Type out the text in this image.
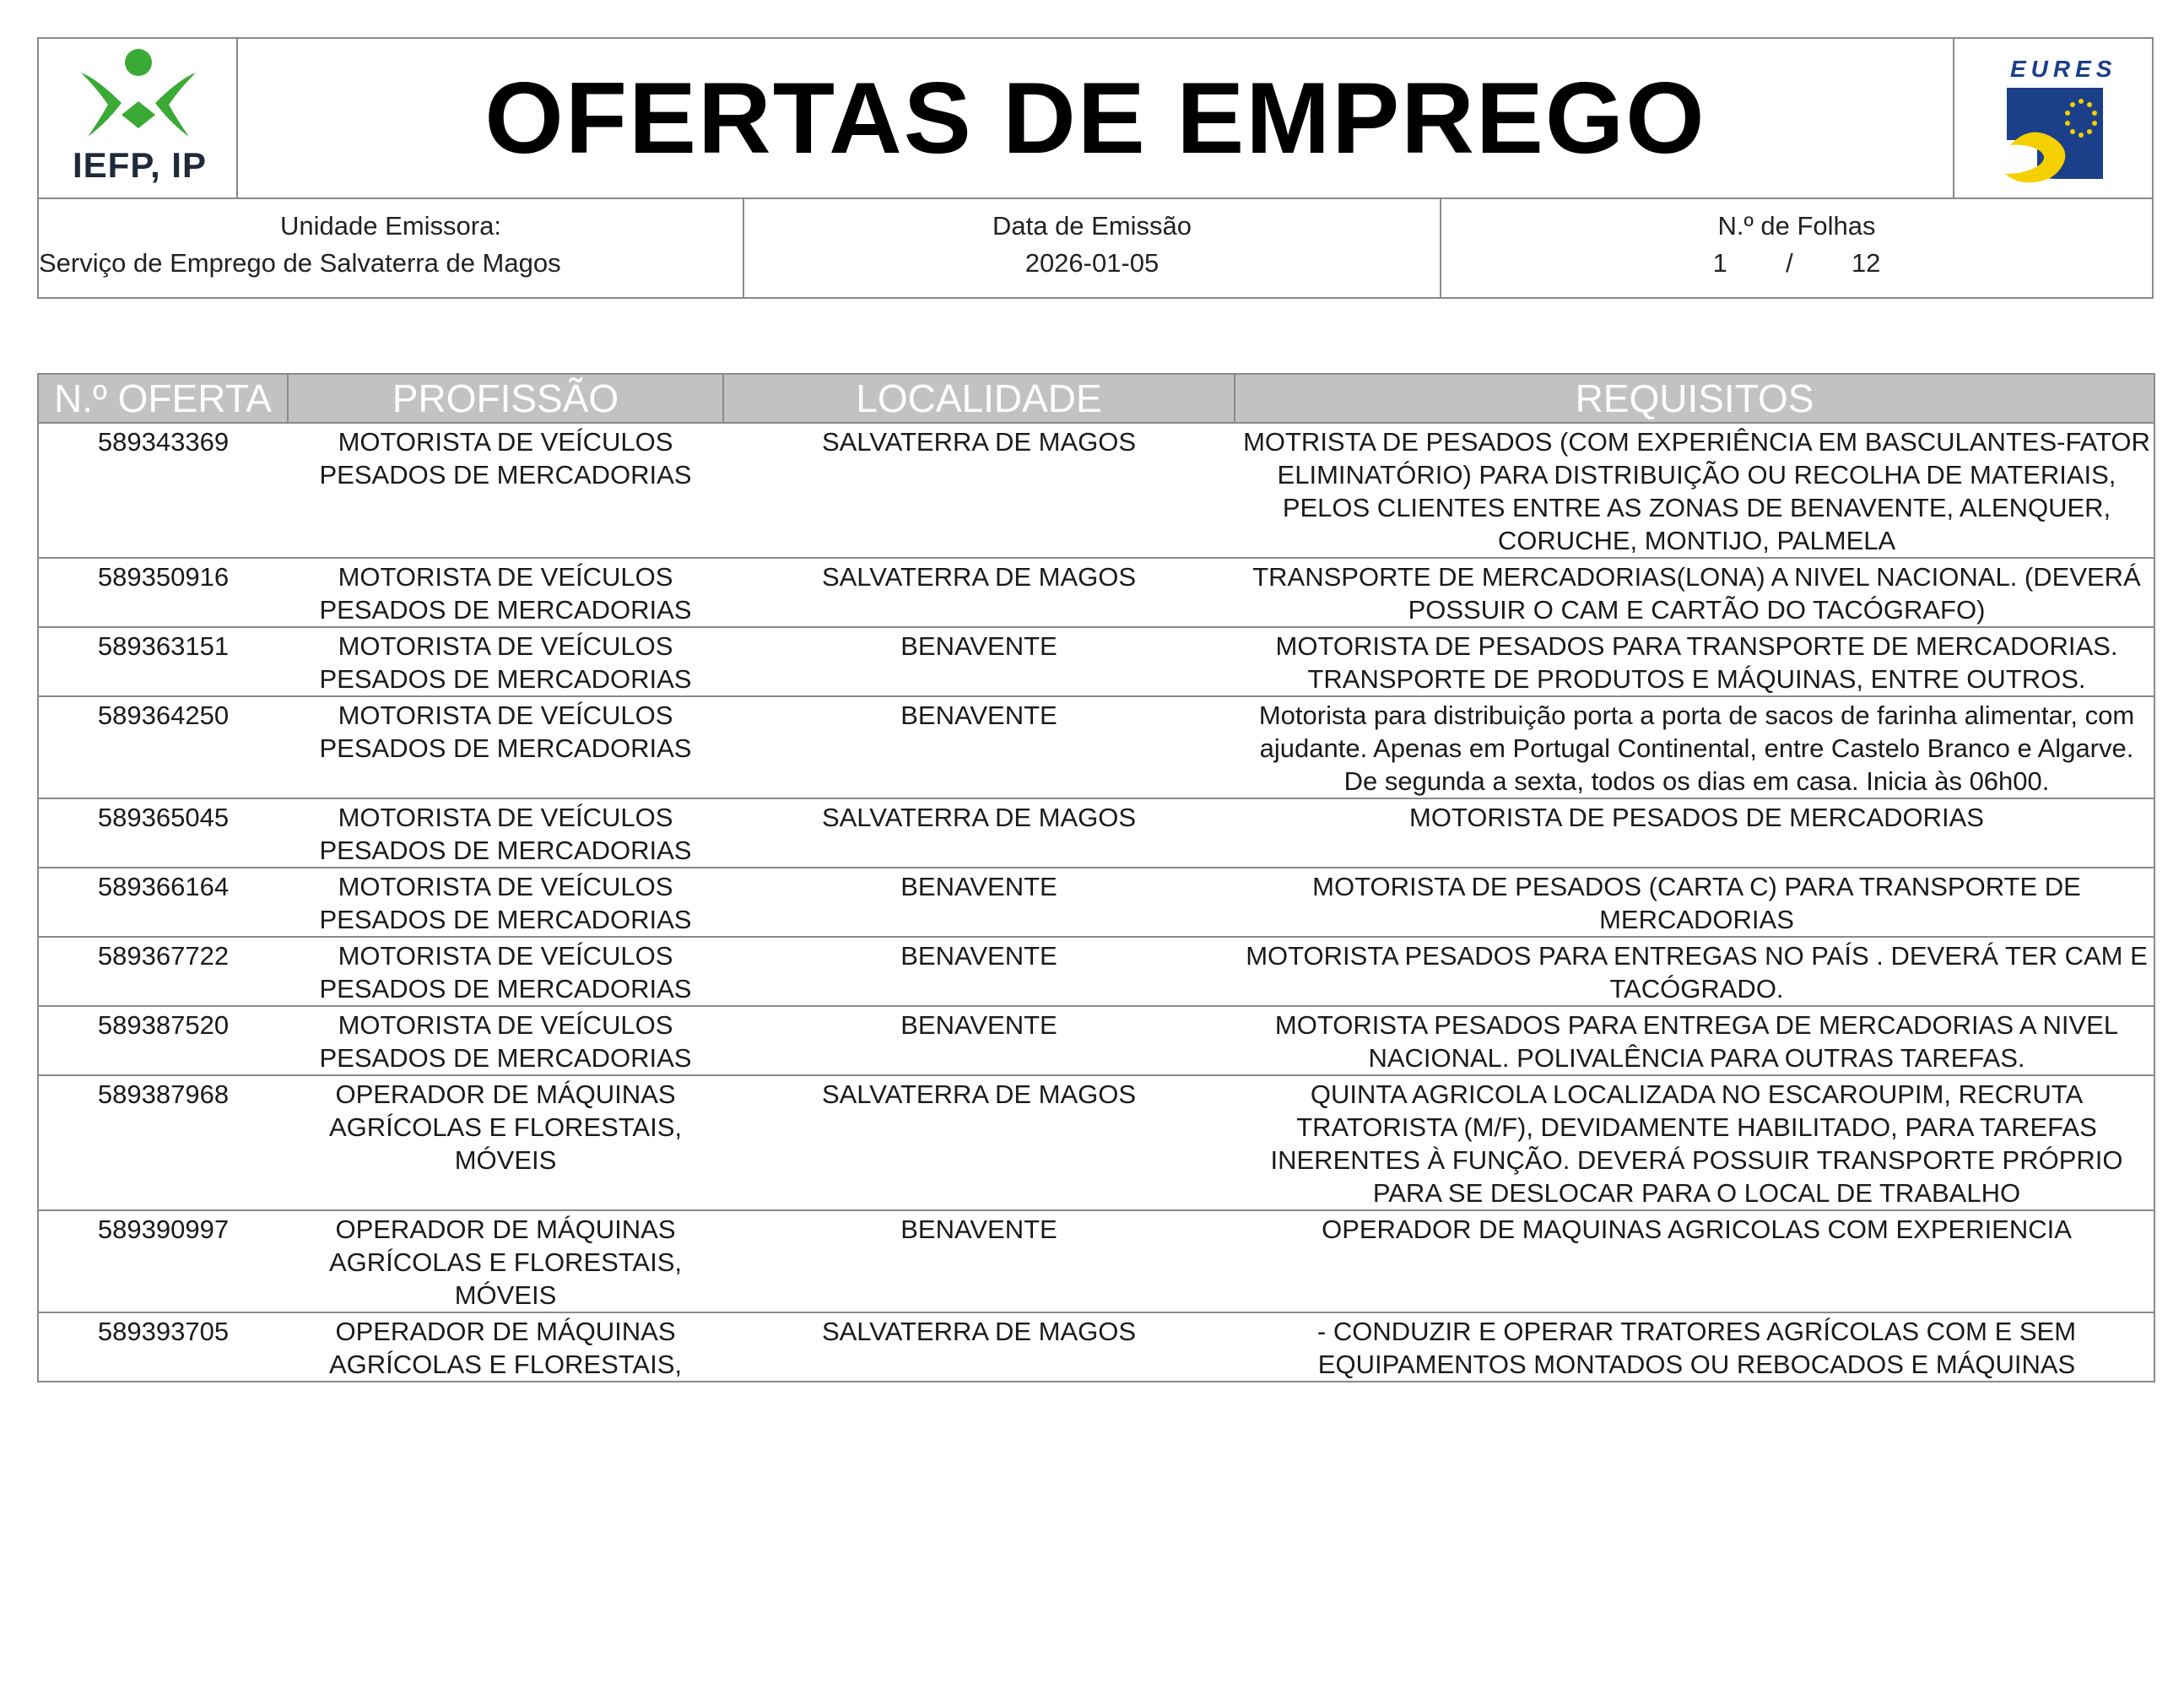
IEFP, IP	OFERTAS DE EMPREGO	EURES
Unidade Emissora:
Serviço de Emprego de Salvaterra de Magos
Data de Emissão
2026-01-05
N.º de Folhas
1 / 12
N.º OFERTA	PROFISSÃO	LOCALIDADE	REQUISITOS
589343369	MOTORISTA DE VEÍCULOS PESADOS DE MERCADORIAS	SALVATERRA DE MAGOS	MOTRISTA DE PESADOS (COM EXPERIÊNCIA EM BASCULANTES-FATOR ELIMINATÓRIO) PARA DISTRIBUIÇÃO OU RECOLHA DE MATERIAIS, PELOS CLIENTES ENTRE AS ZONAS DE BENAVENTE, ALENQUER, CORUCHE, MONTIJO, PALMELA
589350916	MOTORISTA DE VEÍCULOS PESADOS DE MERCADORIAS	SALVATERRA DE MAGOS	TRANSPORTE DE MERCADORIAS(LONA) A NIVEL NACIONAL. (DEVERÁ POSSUIR O CAM E CARTÃO DO TACÓGRAFO)
589363151	MOTORISTA DE VEÍCULOS PESADOS DE MERCADORIAS	BENAVENTE	MOTORISTA DE PESADOS PARA TRANSPORTE DE MERCADORIAS. TRANSPORTE DE PRODUTOS E MÁQUINAS, ENTRE OUTROS.
589364250	MOTORISTA DE VEÍCULOS PESADOS DE MERCADORIAS	BENAVENTE	Motorista para distribuição porta a porta de sacos de farinha alimentar, com ajudante. Apenas em Portugal Continental, entre Castelo Branco e Algarve. De segunda a sexta, todos os dias em casa. Inicia às 06h00.
589365045	MOTORISTA DE VEÍCULOS PESADOS DE MERCADORIAS	SALVATERRA DE MAGOS	MOTORISTA DE PESADOS DE MERCADORIAS
589366164	MOTORISTA DE VEÍCULOS PESADOS DE MERCADORIAS	BENAVENTE	MOTORISTA DE PESADOS (CARTA C) PARA TRANSPORTE DE MERCADORIAS
589367722	MOTORISTA DE VEÍCULOS PESADOS DE MERCADORIAS	BENAVENTE	MOTORISTA PESADOS PARA ENTREGAS NO PAÍS . DEVERÁ TER CAM E TACÓGRADO.
589387520	MOTORISTA DE VEÍCULOS PESADOS DE MERCADORIAS	BENAVENTE	MOTORISTA PESADOS PARA ENTREGA DE MERCADORIAS A NIVEL NACIONAL. POLIVALÊNCIA PARA OUTRAS TAREFAS.
589387968	OPERADOR DE MÁQUINAS AGRÍCOLAS E FLORESTAIS, MÓVEIS	SALVATERRA DE MAGOS	QUINTA AGRICOLA LOCALIZADA NO ESCAROUPIM, RECRUTA TRATORISTA (M/F), DEVIDAMENTE HABILITADO, PARA TAREFAS INERENTES À FUNÇÃO. DEVERÁ POSSUIR TRANSPORTE PRÓPRIO PARA SE DESLOCAR PARA O LOCAL DE TRABALHO
589390997	OPERADOR DE MÁQUINAS AGRÍCOLAS E FLORESTAIS, MÓVEIS	BENAVENTE	OPERADOR DE MAQUINAS AGRICOLAS COM EXPERIENCIA
589393705	OPERADOR DE MÁQUINAS AGRÍCOLAS E FLORESTAIS,	SALVATERRA DE MAGOS	- CONDUZIR E OPERAR TRATORES AGRÍCOLAS COM E SEM EQUIPAMENTOS MONTADOS OU REBOCADOS E MÁQUINAS
